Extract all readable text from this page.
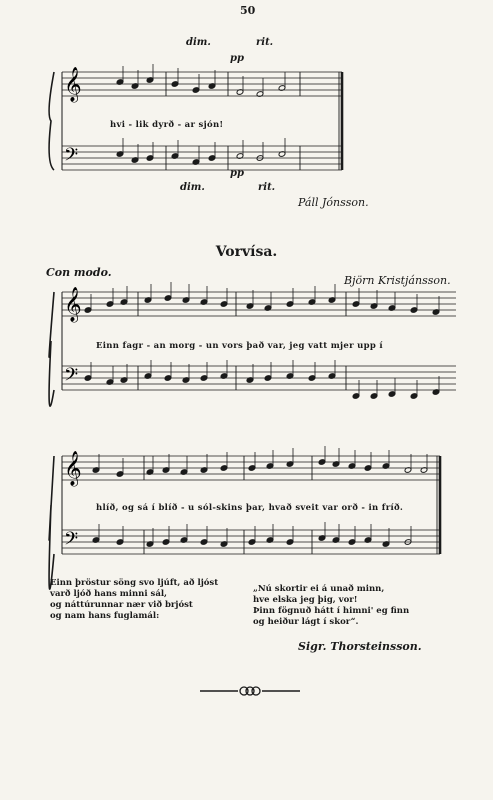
50
dim.
pp
rit.
hvi - lik dyrð - ar sjón!
dim.
pp
rit.
Páll Jónsson.
Vorvísa.
Con modo.
Björn Kristjánsson.
Einn fagr - an morg - un vors það var, jeg vatt mjer upp í
hlíð, og sá í blíð - u sól-skins þar, hvað sveit var orð - in fríð.
Einn þröstur söng svo ljúft, að ljóst
varð ljóð hans minni sál,
og náttúrunnar nær við brjóst
og nam hans fuglamál:
„Nú skortir ei á unað minn,
hve elska jeg þig, vor!
Þinn fögnuð hátt í himni' eg finn
og heiður lágt í skor“.
Sigr. Thorsteinsson.
𝄞
𝄢
𝄞
𝄢
𝄞
𝄢
